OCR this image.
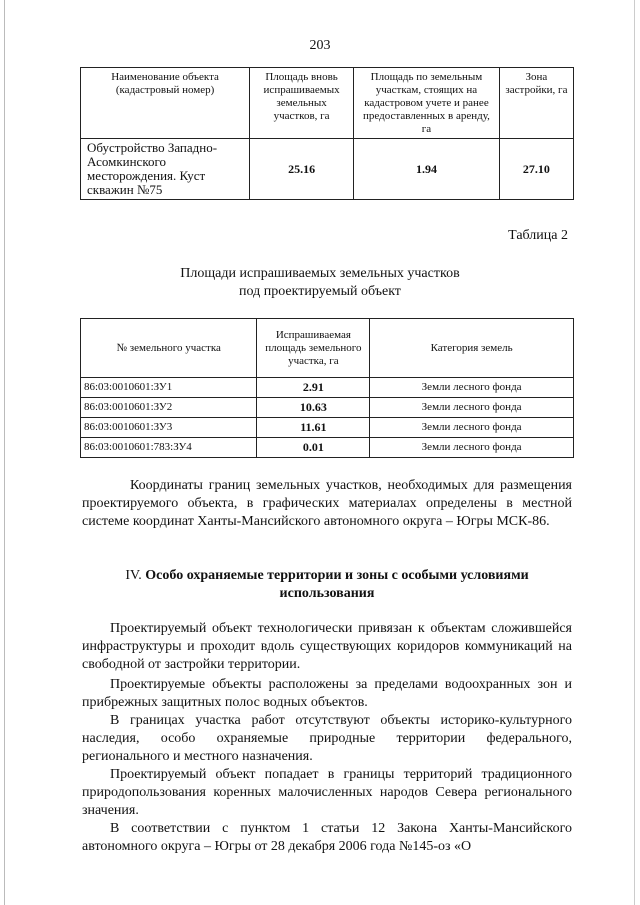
203
Наименование объекта (кадастровый номер)	Площадь вновь испрашиваемых земельных участков, га	Площадь по земельным участкам, стоящих на кадастровом учете и ранее предоставленных в аренду, га	Зона застройки, га
Обустройство Западно-Асомкинского месторождения. Куст скважин №75	25.16	1.94	27.10
Таблица 2
Площади испрашиваемых земельных участков
под проектируемый объект
№ земельного участка	Испрашиваемая площадь земельного участка, га	Категория земель
86:03:0010601:ЗУ1	2.91	Земли лесного фонда
86:03:0010601:ЗУ2	10.63	Земли лесного фонда
86:03:0010601:ЗУ3	11.61	Земли лесного фонда
86:03:0010601:783:ЗУ4	0.01	Земли лесного фонда

Координаты границ земельных участков, необходимых для размещения проектируемого объекта, в графических материалах определены в местной системе координат Ханты-Мансийского автономного округа – Югры МСК-86.

IV. Особо охраняемые территории и зоны с особыми условиями использования

Проектируемый объект технологически привязан к объектам сложившейся инфраструктуры и проходит вдоль существующих коридоров коммуникаций на свободной от застройки территории.

Проектируемые объекты расположены за пределами водоохранных зон и прибрежных защитных полос водных объектов.

В границах участка работ отсутствуют объекты историко-культурного наследия, особо охраняемые природные территории федерального, регионального и местного назначения.

Проектируемый объект попадает в границы территорий традиционного природопользования коренных малочисленных народов Севера регионального значения.

В соответствии с пунктом 1 статьи 12 Закона Ханты-Мансийского автономного округа – Югры от 28 декабря 2006 года №145-оз «О
